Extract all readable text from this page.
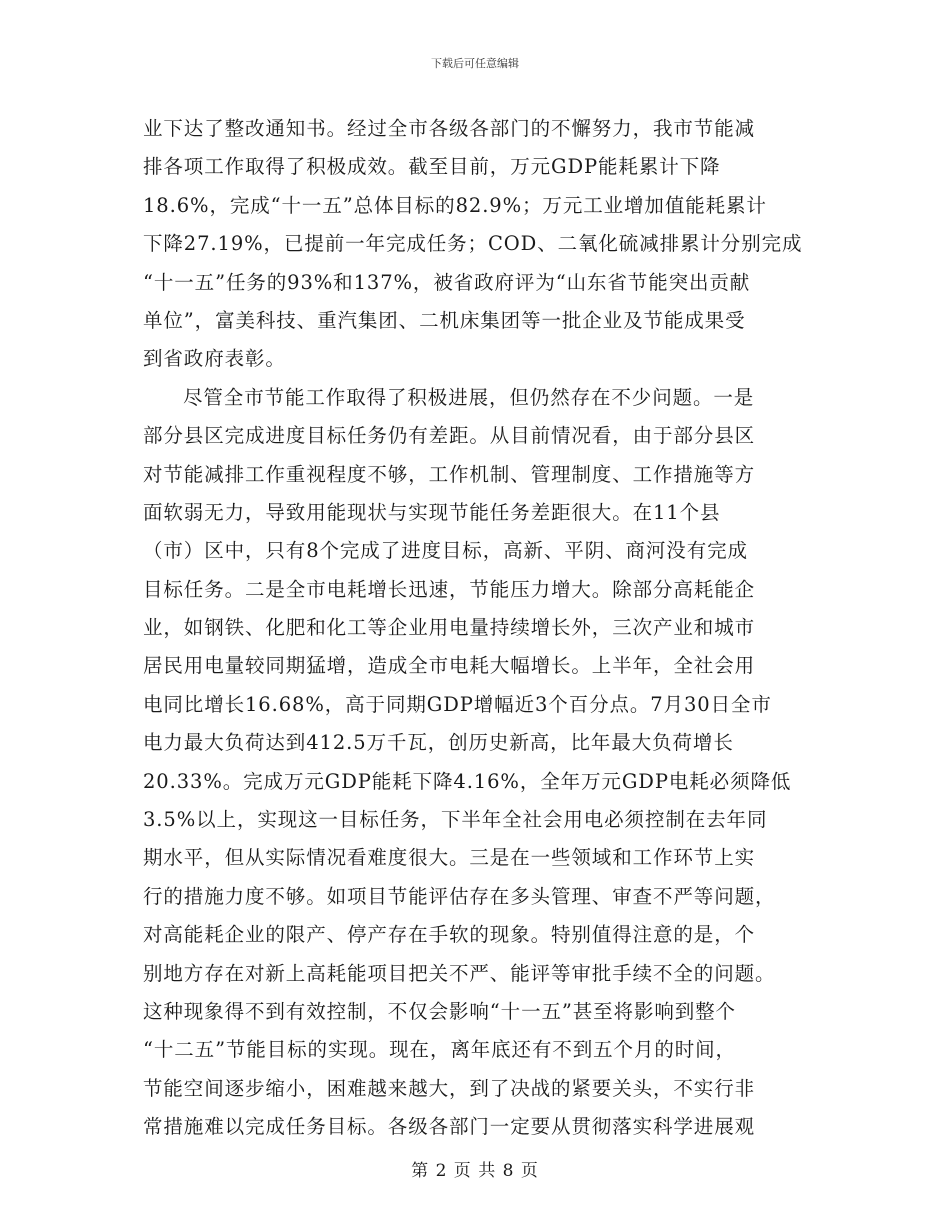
下载后可任意编辑
业下达了整改通知书。经过全市各级各部门的不懈努力，我市节能减
排各项工作取得了积极成效。截至目前，万元GDP能耗累计下降
18.6%，完成“十一五”总体目标的82.9%；万元工业增加值能耗累计
下降27.19%，已提前一年完成任务；COD、二氧化硫减排累计分别完成
“十一五”任务的93%和137%，被省政府评为“山东省节能突出贡献
单位”，富美科技、重汽集团、二机床集团等一批企业及节能成果受
到省政府表彰。
尽管全市节能工作取得了积极进展，但仍然存在不少问题。一是
部分县区完成进度目标任务仍有差距。从目前情况看，由于部分县区
对节能减排工作重视程度不够，工作机制、管理制度、工作措施等方
面软弱无力，导致用能现状与实现节能任务差距很大。在11个县
（市）区中，只有8个完成了进度目标，高新、平阴、商河没有完成
目标任务。二是全市电耗增长迅速，节能压力增大。除部分高耗能企
业，如钢铁、化肥和化工等企业用电量持续增长外，三次产业和城市
居民用电量较同期猛增，造成全市电耗大幅增长。上半年，全社会用
电同比增长16.68%，高于同期GDP增幅近3个百分点。7月30日全市
电力最大负荷达到412.5万千瓦，创历史新高，比年最大负荷增长
20.33%。完成万元GDP能耗下降4.16%，全年万元GDP电耗必须降低
3.5%以上，实现这一目标任务，下半年全社会用电必须控制在去年同
期水平，但从实际情况看难度很大。三是在一些领域和工作环节上实
行的措施力度不够。如项目节能评估存在多头管理、审查不严等问题，
对高能耗企业的限产、停产存在手软的现象。特别值得注意的是，个
别地方存在对新上高耗能项目把关不严、能评等审批手续不全的问题。
这种现象得不到有效控制，不仅会影响“十一五”甚至将影响到整个
“十二五”节能目标的实现。现在，离年底还有不到五个月的时间，
节能空间逐步缩小，困难越来越大，到了决战的紧要关头，不实行非
常措施难以完成任务目标。各级各部门一定要从贯彻落实科学进展观
第 2 页 共 8 页
